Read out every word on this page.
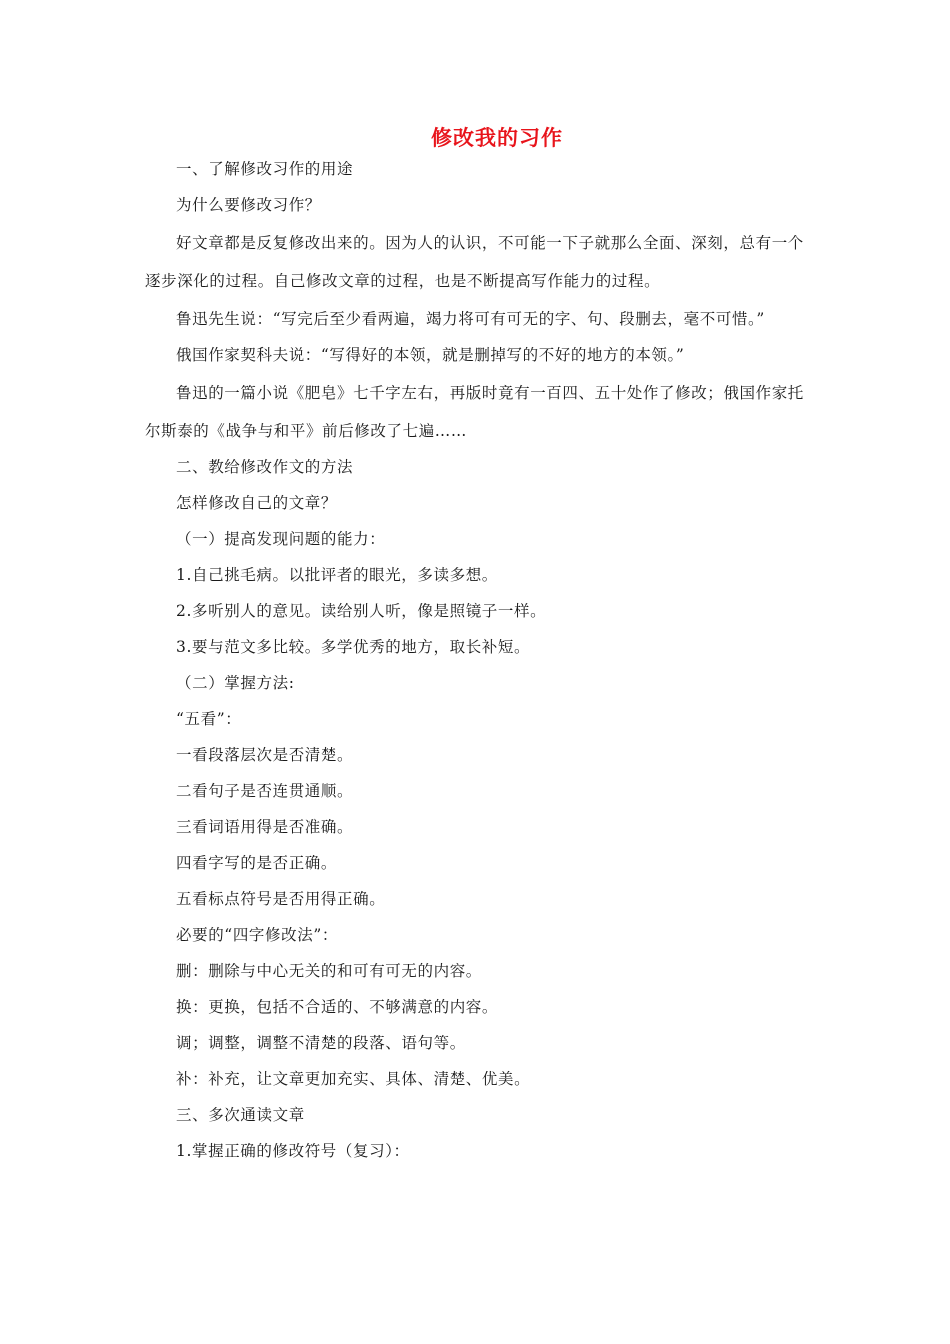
修改我的习作

一、了解修改习作的用途

为什么要修改习作？

好文章都是反复修改出来的。因为人的认识，不可能一下子就那么全面、深刻，总有一个逐步深化的过程。自己修改文章的过程，也是不断提高写作能力的过程。

鲁迅先生说：“写完后至少看两遍，竭力将可有可无的字、句、段删去，毫不可惜。”

俄国作家契科夫说：“写得好的本领，就是删掉写的不好的地方的本领。”

鲁迅的一篇小说《肥皂》七千字左右，再版时竟有一百四、五十处作了修改；俄国作家托尔斯泰的《战争与和平》前后修改了七遍……

二、教给修改作文的方法

怎样修改自己的文章？

（一）提高发现问题的能力：

1.自己挑毛病。以批评者的眼光，多读多想。

2.多听别人的意见。读给别人听，像是照镜子一样。

3.要与范文多比较。多学优秀的地方，取长补短。

（二）掌握方法:

“五看”：

一看段落层次是否清楚。

二看句子是否连贯通顺。

三看词语用得是否准确。

四看字写的是否正确。

五看标点符号是否用得正确。

必要的“四字修改法”：

删：删除与中心无关的和可有可无的内容。

换：更换，包括不合适的、不够满意的内容。

调；调整，调整不清楚的段落、语句等。

补：补充，让文章更加充实、具体、清楚、优美。

三、多次通读文章

1.掌握正确的修改符号（复习）：
